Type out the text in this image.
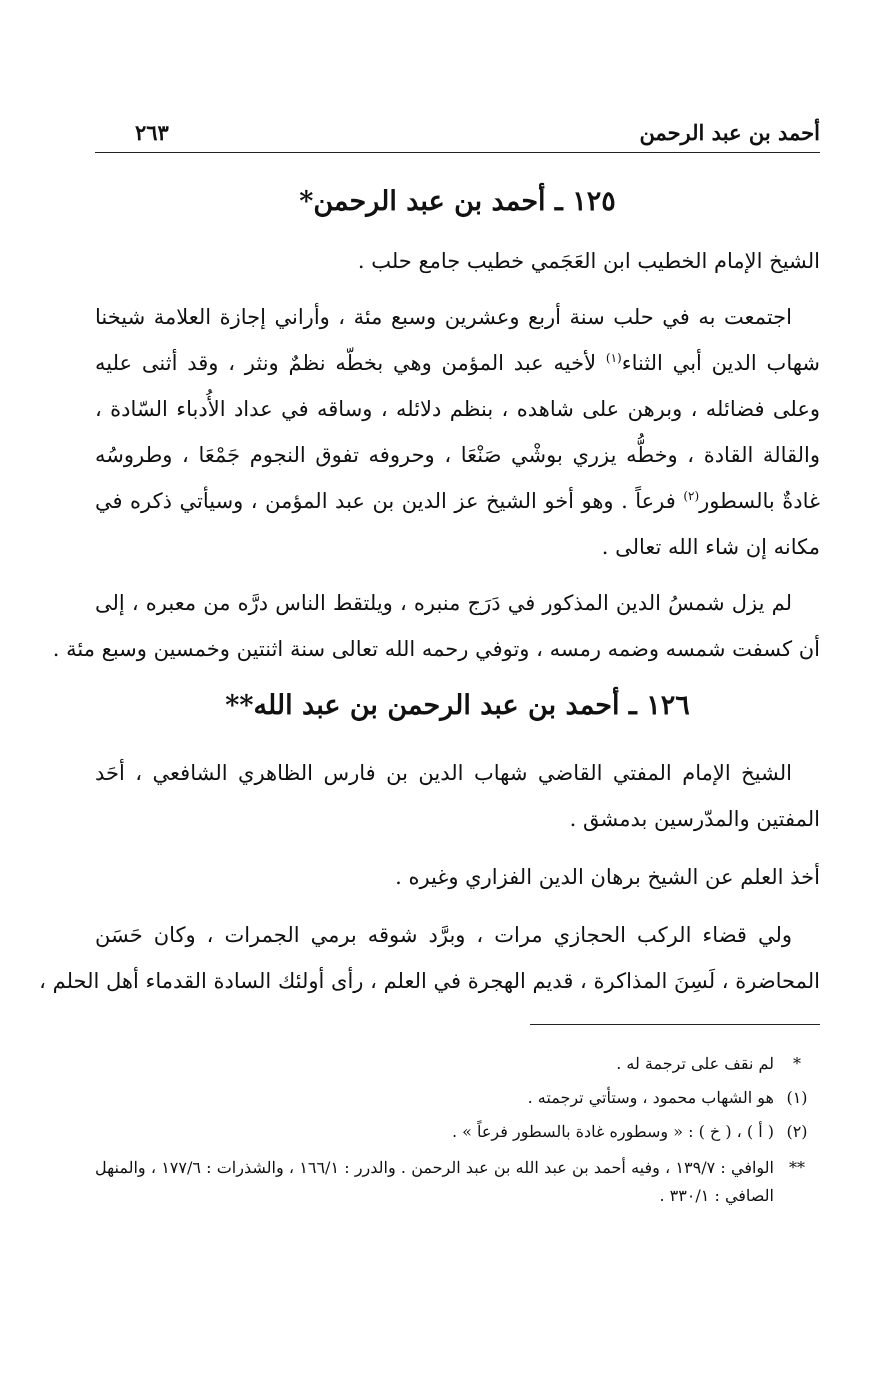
أحمد بن عبد الرحمن
٢٦٣
١٢٥ ـ أحمد بن عبد الرحمن*

الشيخ الإمام الخطيب ابن العَجَمي خطيب جامع حلب .

اجتمعت به في حلب سنة أربع وعشرين وسبع مئة ، وأراني إجازة العلامة شيخنا
شهاب الدين أبي الثناء$^{(١)}$ لأخيه عبد المؤمن وهي بخطّه نظمٌ ونثر ، وقد أثنى عليه
وعلى فضائله ، وبرهن على شاهده ، بنظم دلائله ، وساقه في عداد الأُدباء السّادة ،
والقالة القادة ، وخطُّه يزري بوشْي صَنْعَا ، وحروفه تفوق النجوم جَمْعَا ، وطروسُه
غادةٌ بالسطور$^{(٢)}$ فرعاً . وهو أخو الشيخ عز الدين بن عبد المؤمن ، وسيأتي ذكره في
مكانه إن شاء الله تعالى .

لم يزل شمسُ الدين المذكور في دَرَج منبره ، ويلتقط الناس درَّه من معبره ، إلى
أن كسفت شمسه وضمه رمسه ، وتوفي رحمه الله تعالى سنة اثنتين وخمسين وسبع مئة .

١٢٦ ـ أحمد بن عبد الرحمن بن عبد الله**

الشيخ الإمام المفتي القاضي شهاب الدين بن فارس الظاهري الشافعي ، أحَد
المفتين والمدّرسين بدمشق .

أخذ العلم عن الشيخ برهان الدين الفزاري وغيره .

ولي قضاء الركب الحجازي مرات ، وبرَّد شوقه برمي الجمرات ، وكان حَسَن
المحاضرة ، لَسِنَ المذاكرة ، قديم الهجرة في العلم ، رأى أولئك السادة القدماء أهل الحلم ،

*
لم نقف على ترجمة له .
(١)
هو الشهاب محمود ، وستأتي ترجمته .
(٢)
( أ ) ، ( خ ) : « وسطوره غادة بالسطور فرعاً » .
**
الوافي : ١٣٩/٧ ، وفيه أحمد بن عبد الله بن عبد الرحمن . والدرر : ١٦٦/١ ، والشذرات : ١٧٧/٦ ، والمنهل الصافي : ٣٣٠/١ .
